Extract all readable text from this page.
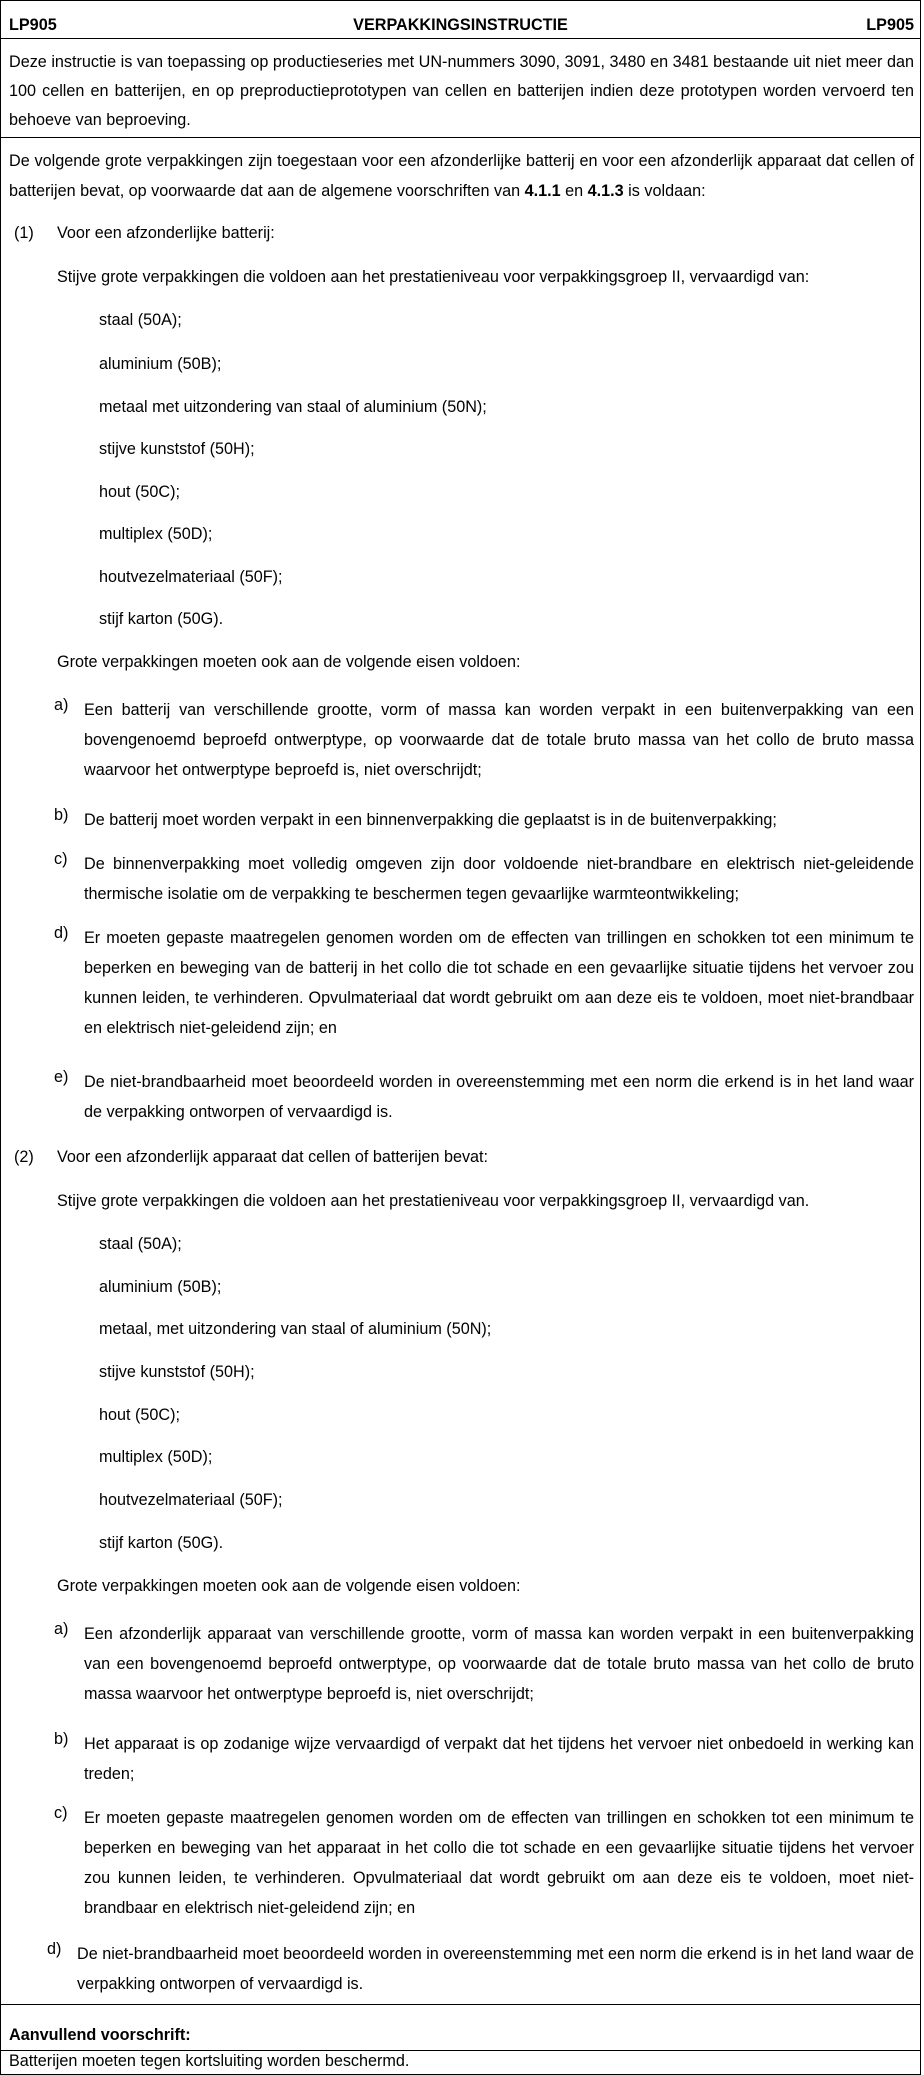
LP905	VERPAKKINGSINSTRUCTIE	LP905
Deze instructie is van toepassing op productieseries met UN-nummers 3090, 3091, 3480 en 3481 bestaande uit niet meer dan 100 cellen en batterijen, en op preproductieprototypen van cellen en batterijen indien deze prototypen worden vervoerd ten behoeve van beproeving.
De volgende grote verpakkingen zijn toegestaan voor een afzonderlijke batterij en voor een afzonderlijk apparaat dat cellen of batterijen bevat, op voorwaarde dat aan de algemene voorschriften van 4.1.1 en 4.1.3 is voldaan:
(1) Voor een afzonderlijke batterij:
Stijve grote verpakkingen die voldoen aan het prestatieniveau voor verpakkingsgroep II, vervaardigd van:
staal (50A);
aluminium (50B);
metaal met uitzondering van staal of aluminium (50N);
stijve kunststof (50H);
hout (50C);
multiplex (50D);
houtvezelmateriaal (50F);
stijf karton (50G).
Grote verpakkingen moeten ook aan de volgende eisen voldoen:
a) Een batterij van verschillende grootte, vorm of massa kan worden verpakt in een buitenverpakking van een bovengenoemd beproefd ontwerptype, op voorwaarde dat de totale bruto massa van het collo de bruto massa waarvoor het ontwerptype beproefd is, niet overschrijdt;
b) De batterij moet worden verpakt in een binnenverpakking die geplaatst is in de buitenverpakking;
c) De binnenverpakking moet volledig omgeven zijn door voldoende niet-brandbare en elektrisch niet-geleidende thermische isolatie om de verpakking te beschermen tegen gevaarlijke warmteontwikkeling;
d) Er moeten gepaste maatregelen genomen worden om de effecten van trillingen en schokken tot een minimum te beperken en beweging van de batterij in het collo die tot schade en een gevaarlijke situatie tijdens het vervoer zou kunnen leiden, te verhinderen. Opvulmateriaal dat wordt gebruikt om aan deze eis te voldoen, moet niet-brandbaar en elektrisch niet-geleidend zijn; en
e) De niet-brandbaarheid moet beoordeeld worden in overeenstemming met een norm die erkend is in het land waar de verpakking ontworpen of vervaardigd is.
(2) Voor een afzonderlijk apparaat dat cellen of batterijen bevat:
Stijve grote verpakkingen die voldoen aan het prestatieniveau voor verpakkingsgroep II, vervaardigd van.
staal (50A);
aluminium (50B);
metaal, met uitzondering van staal of aluminium (50N);
stijve kunststof (50H);
hout (50C);
multiplex (50D);
houtvezelmateriaal (50F);
stijf karton (50G).
Grote verpakkingen moeten ook aan de volgende eisen voldoen:
a) Een afzonderlijk apparaat van verschillende grootte, vorm of massa kan worden verpakt in een buitenverpakking van een bovengenoemd beproefd ontwerptype, op voorwaarde dat de totale bruto massa van het collo de bruto massa waarvoor het ontwerptype beproefd is, niet overschrijdt;
b) Het apparaat is op zodanige wijze vervaardigd of verpakt dat het tijdens het vervoer niet onbedoeld in werking kan treden;
c) Er moeten gepaste maatregelen genomen worden om de effecten van trillingen en schokken tot een minimum te beperken en beweging van het apparaat in het collo die tot schade en een gevaarlijke situatie tijdens het vervoer zou kunnen leiden, te verhinderen. Opvulmateriaal dat wordt gebruikt om aan deze eis te voldoen, moet niet-brandbaar en elektrisch niet-geleidend zijn; en
d) De niet-brandbaarheid moet beoordeeld worden in overeenstemming met een norm die erkend is in het land waar de verpakking ontworpen of vervaardigd is.
Aanvullend voorschrift:
Batterijen moeten tegen kortsluiting worden beschermd.
